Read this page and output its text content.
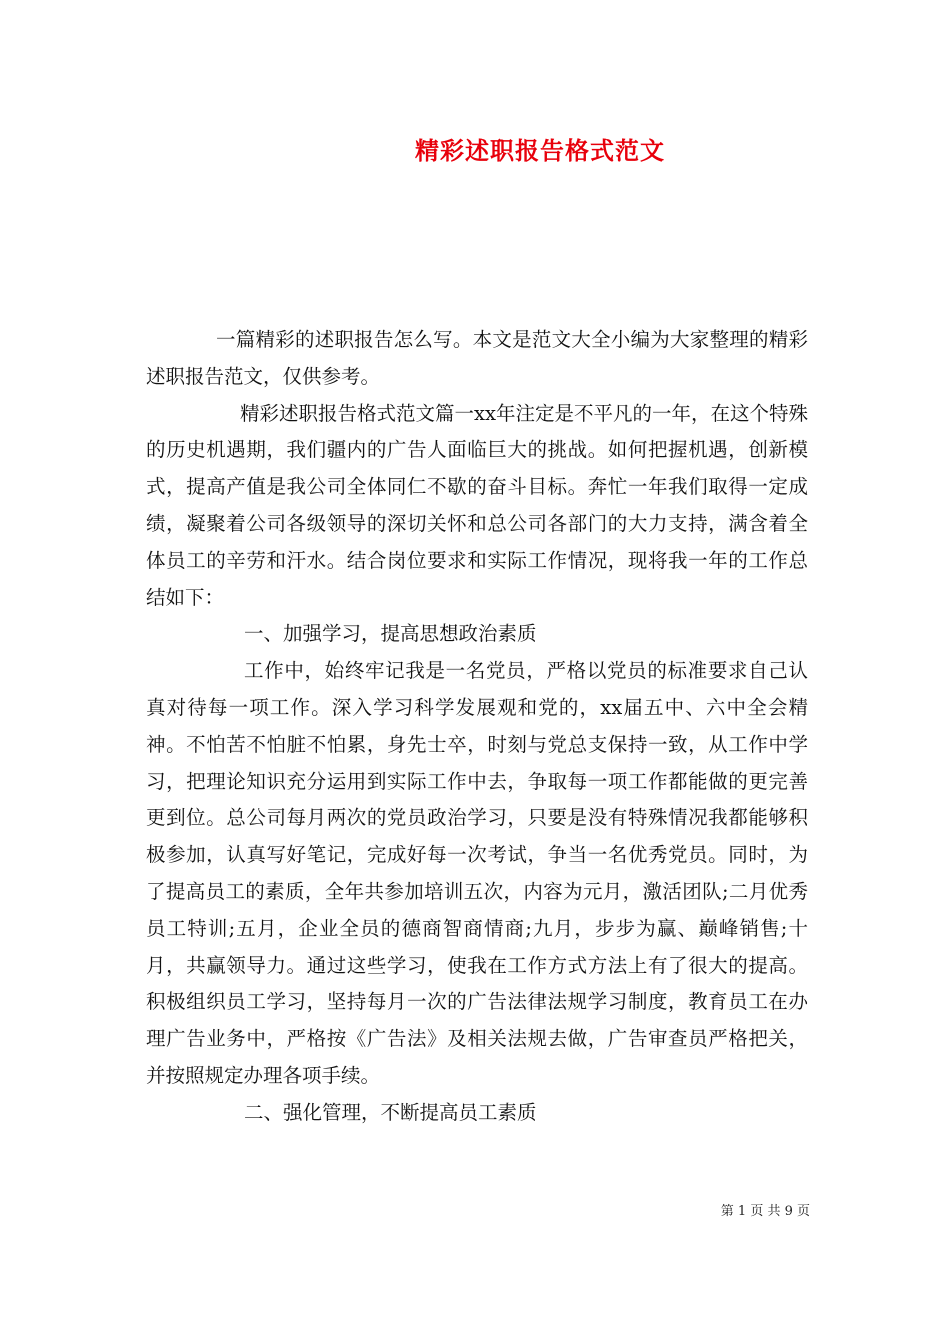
精彩述职报告格式范文

一篇精彩的述职报告怎么写。本文是范文大全小编为大家整理的精彩述职报告范文，仅供参考。

精彩述职报告格式范文篇一xx年注定是不平凡的一年，在这个特殊的历史机遇期，我们疆内的广告人面临巨大的挑战。如何把握机遇，创新模式，提高产值是我公司全体同仁不歇的奋斗目标。奔忙一年我们取得一定成绩，凝聚着公司各级领导的深切关怀和总公司各部门的大力支持，满含着全体员工的辛劳和汗水。结合岗位要求和实际工作情况，现将我一年的工作总结如下：

一、加强学习，提高思想政治素质

工作中，始终牢记我是一名党员，严格以党员的标准要求自己认真对待每一项工作。深入学习科学发展观和党的，xx届五中、六中全会精神。不怕苦不怕脏不怕累，身先士卒，时刻与党总支保持一致，从工作中学习，把理论知识充分运用到实际工作中去，争取每一项工作都能做的更完善更到位。总公司每月两次的党员政治学习，只要是没有特殊情况我都能够积极参加，认真写好笔记，完成好每一次考试，争当一名优秀党员。同时，为了提高员工的素质，全年共参加培训五次，内容为元月，激活团队;二月优秀员工特训;五月，企业全员的德商智商情商;九月，步步为赢、巅峰销售;十月，共赢领导力。通过这些学习，使我在工作方式方法上有了很大的提高。积极组织员工学习，坚持每月一次的广告法律法规学习制度，教育员工在办理广告业务中，严格按《广告法》及相关法规去做，广告审查员严格把关，并按照规定办理各项手续。

二、强化管理，不断提高员工素质

第 1 页 共 9 页
